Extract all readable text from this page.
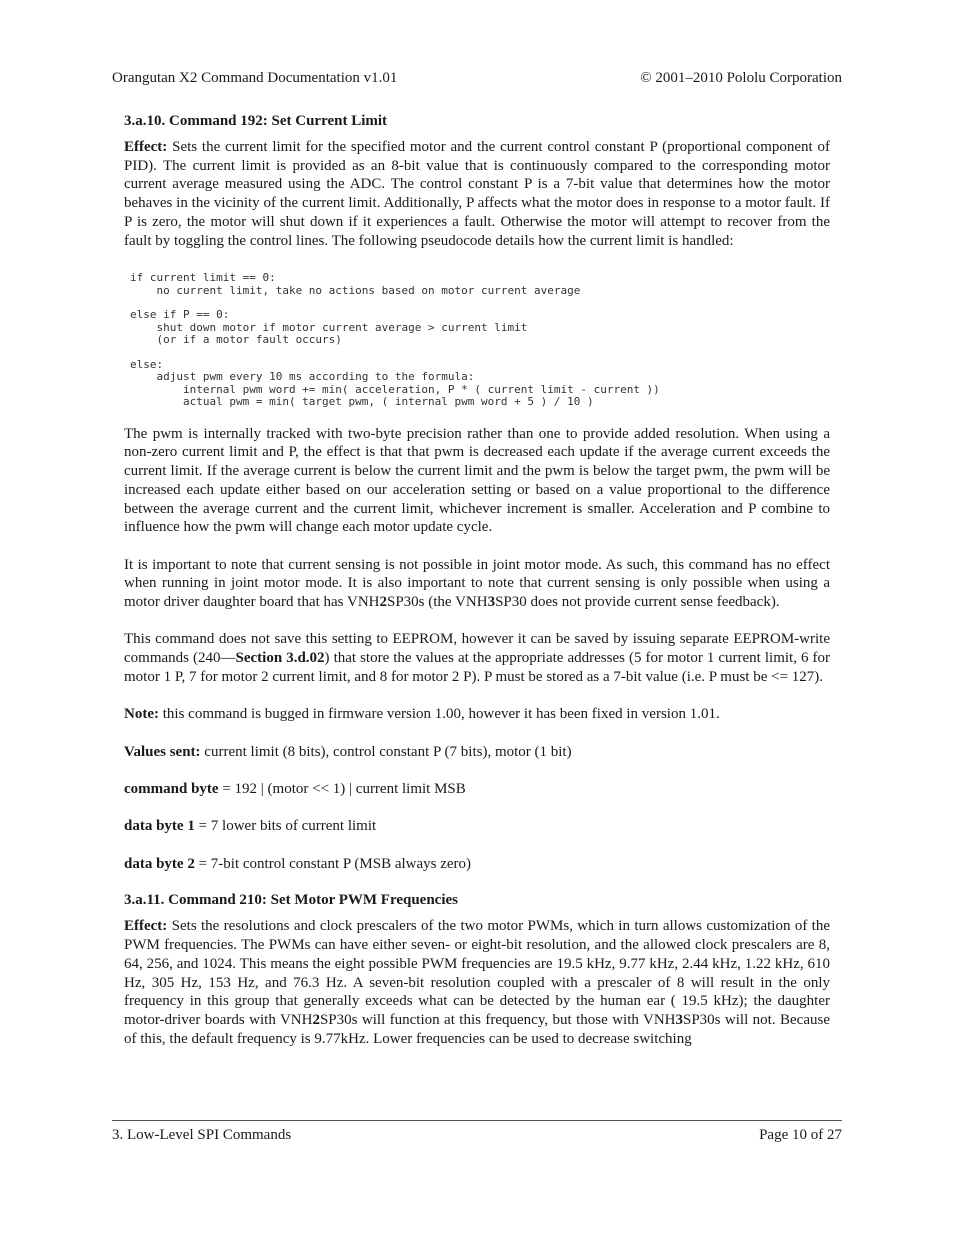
Orangutan X2 Command Documentation v1.01	© 2001–2010 Pololu Corporation
3.a.10. Command 192: Set Current Limit

Effect: Sets the current limit for the specified motor and the current control constant P (proportional component of PID). The current limit is provided as an 8-bit value that is continuously compared to the corresponding motor current average measured using the ADC. The control constant P is a 7-bit value that determines how the motor behaves in the vicinity of the current limit. Additionally, P affects what the motor does in response to a motor fault. If P is zero, the motor will shut down if it experiences a fault. Otherwise the motor will attempt to recover from the fault by toggling the control lines. The following pseudocode details how the current limit is handled:

if current limit == 0:
no current limit, take no actions based on motor current average

else if P == 0:
shut down motor if motor current average > current limit
(or if a motor fault occurs)

else:
adjust pwm every 10 ms according to the formula:
internal pwm word += min( acceleration, P * ( current limit - current ))
actual pwm = min( target pwm, ( internal pwm word + 5 ) / 10 )

The pwm is internally tracked with two-byte precision rather than one to provide added resolution. When using a non-zero current limit and P, the effect is that that pwm is decreased each update if the average current exceeds the current limit. If the average current is below the current limit and the pwm is below the target pwm, the pwm will be increased each update either based on our acceleration setting or based on a value proportional to the difference between the average current and the current limit, whichever increment is smaller. Acceleration and P combine to influence how the pwm will change each motor update cycle.

It is important to note that current sensing is not possible in joint motor mode. As such, this command has no effect when running in joint motor mode. It is also important to note that current sensing is only possible when using a motor driver daughter board that has VNH2SP30s (the VNH3SP30 does not provide current sense feedback).

This command does not save this setting to EEPROM, however it can be saved by issuing separate EEPROM-write commands (240—Section 3.d.02) that store the values at the appropriate addresses (5 for motor 1 current limit, 6 for motor 1 P, 7 for motor 2 current limit, and 8 for motor 2 P). P must be stored as a 7-bit value (i.e. P must be <= 127).

Note: this command is bugged in firmware version 1.00, however it has been fixed in version 1.01.

Values sent: current limit (8 bits), control constant P (7 bits), motor (1 bit)

command byte = 192 | (motor << 1) | current limit MSB

data byte 1 = 7 lower bits of current limit

data byte 2 = 7-bit control constant P (MSB always zero)

3.a.11. Command 210: Set Motor PWM Frequencies

Effect: Sets the resolutions and clock prescalers of the two motor PWMs, which in turn allows customization of the PWM frequencies. The PWMs can have either seven- or eight-bit resolution, and the allowed clock prescalers are 8, 64, 256, and 1024. This means the eight possible PWM frequencies are 19.5 kHz, 9.77 kHz, 2.44 kHz, 1.22 kHz, 610 Hz, 305 Hz, 153 Hz, and 76.3 Hz. A seven-bit resolution coupled with a prescaler of 8 will result in the only frequency in this group that generally exceeds what can be detected by the human ear ( 19.5 kHz); the daughter motor-driver boards with VNH2SP30s will function at this frequency, but those with VNH3SP30s will not. Because of this, the default frequency is 9.77kHz. Lower frequencies can be used to decrease switching

3. Low-Level SPI Commands	Page 10 of 27
